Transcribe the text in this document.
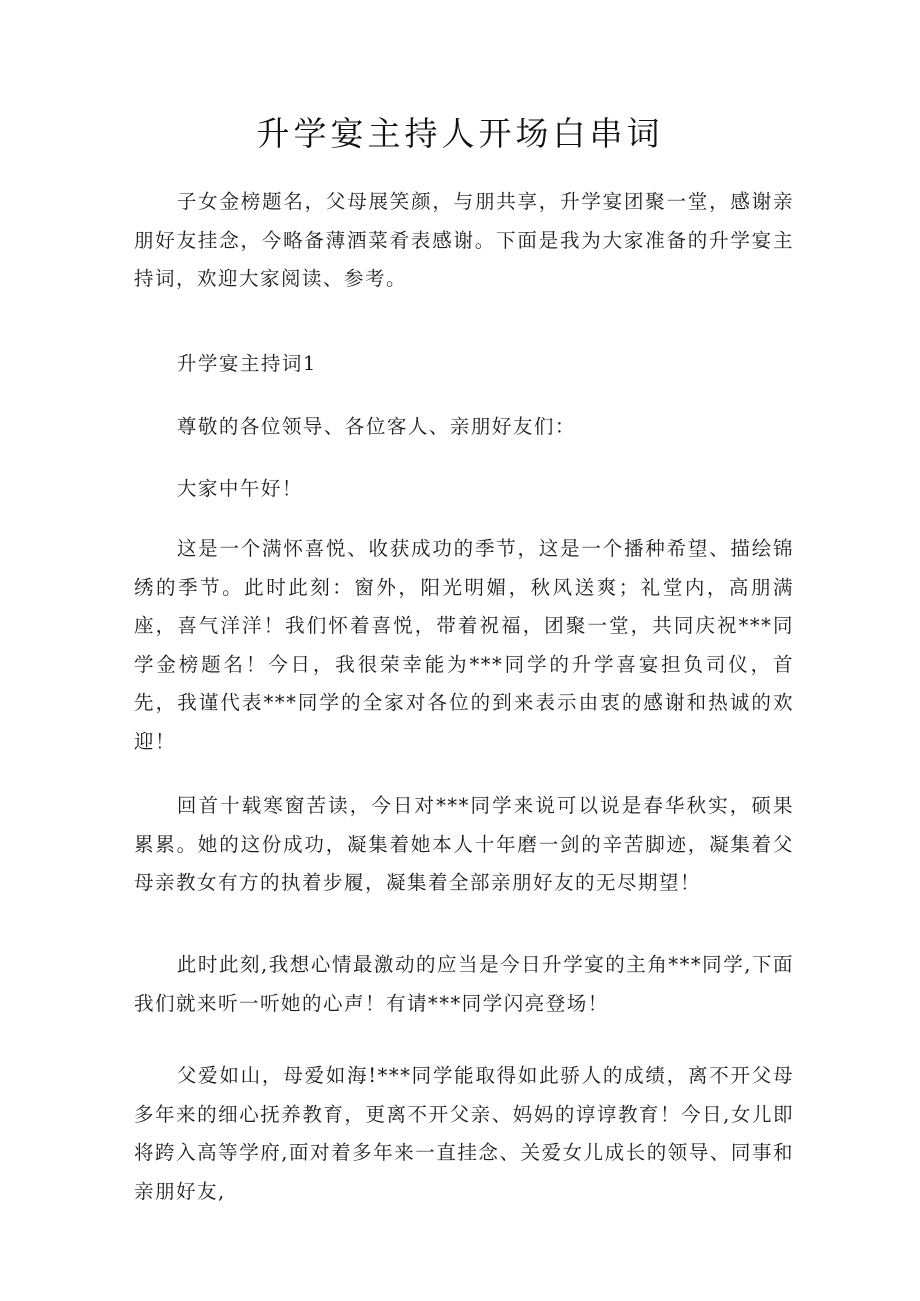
升学宴主持人开场白串词

子女金榜题名，父母展笑颜，与朋共享，升学宴团聚一堂，感谢亲朋好友挂念，今略备薄酒菜肴表感谢。下面是我为大家准备的升学宴主持词，欢迎大家阅读、参考。

升学宴主持词1

尊敬的各位领导、各位客人、亲朋好友们：

大家中午好！

这是一个满怀喜悦、收获成功的季节，这是一个播种希望、描绘锦绣的季节。此时此刻：窗外，阳光明媚，秋风送爽；礼堂内，高朋满座，喜气洋洋！我们怀着喜悦，带着祝福，团聚一堂，共同庆祝***同学金榜题名！今日，我很荣幸能为***同学的升学喜宴担负司仪，首先，我谨代表***同学的全家对各位的到来表示由衷的感谢和热诚的欢迎！

回首十载寒窗苦读，今日对***同学来说可以说是春华秋实，硕果累累。她的这份成功，凝集着她本人十年磨一剑的辛苦脚迹，凝集着父母亲教女有方的执着步履，凝集着全部亲朋好友的无尽期望！

此时此刻,我想心情最激动的应当是今日升学宴的主角***同学,下面我们就来听一听她的心声！有请***同学闪亮登场！

父爱如山，母爱如海!***同学能取得如此骄人的成绩，离不开父母多年来的细心抚养教育，更离不开父亲、妈妈的谆谆教育！今日,女儿即将跨入高等学府,面对着多年来一直挂念、关爱女儿成长的领导、同事和亲朋好友,
